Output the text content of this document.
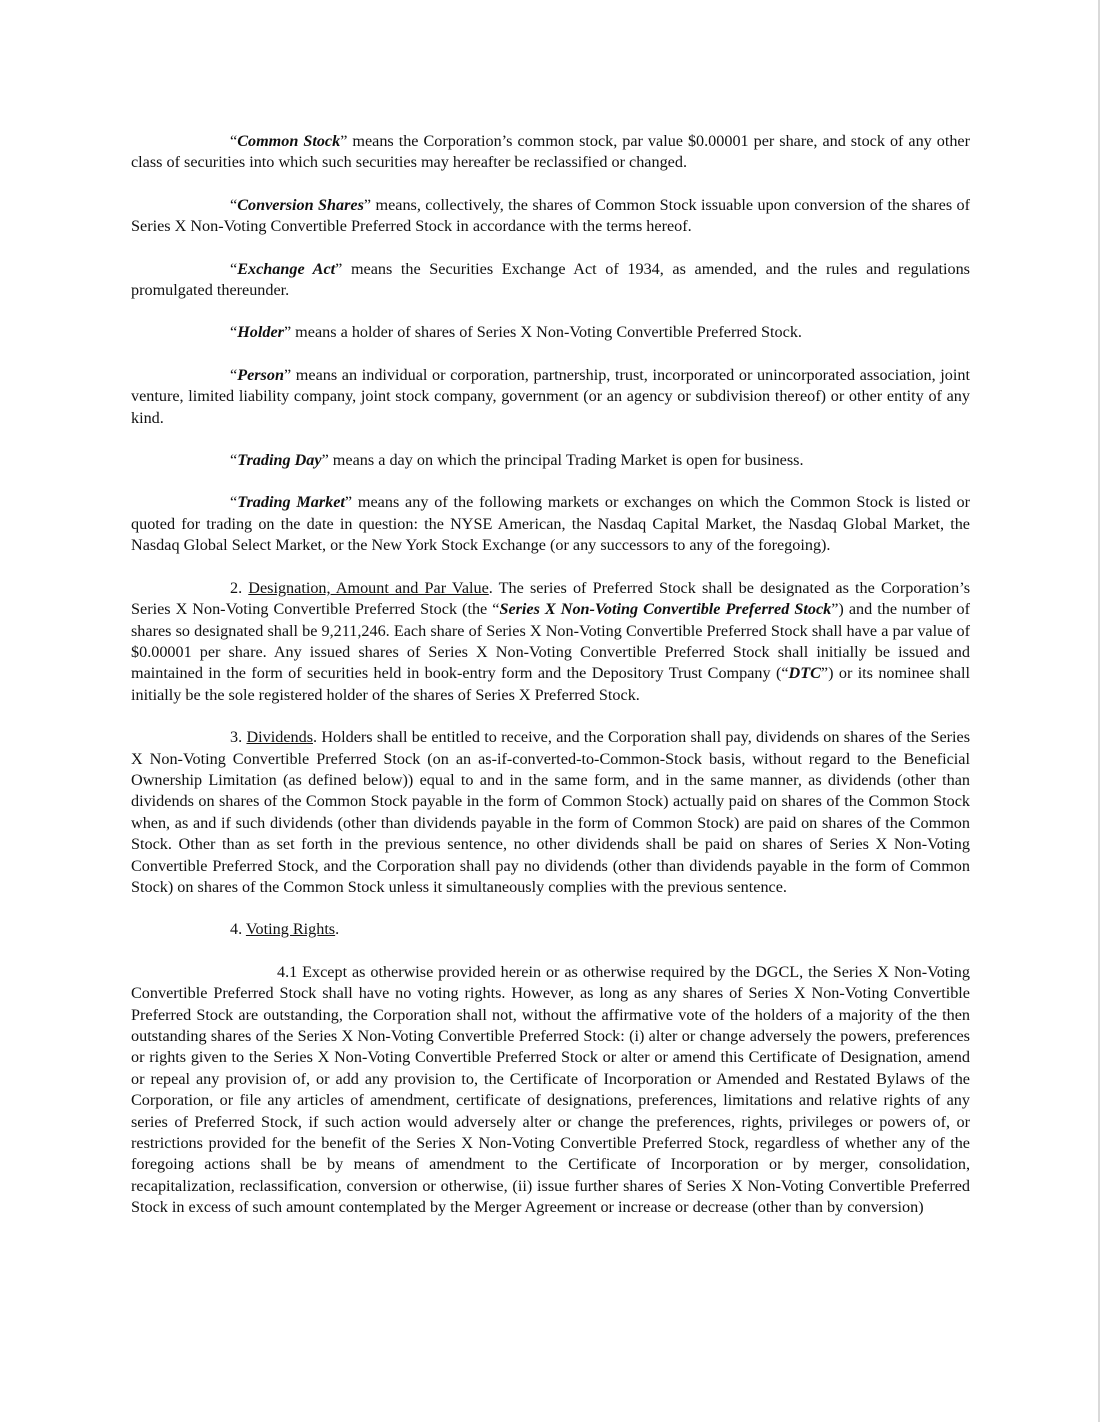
“Common Stock” means the Corporation’s common stock, par value $0.00001 per share, and stock of any other class of securities into which such securities may hereafter be reclassified or changed.

“Conversion Shares” means, collectively, the shares of Common Stock issuable upon conversion of the shares of Series X Non-Voting Convertible Preferred Stock in accordance with the terms hereof.

“Exchange Act” means the Securities Exchange Act of 1934, as amended, and the rules and regulations promulgated thereunder.

“Holder” means a holder of shares of Series X Non-Voting Convertible Preferred Stock.

“Person” means an individual or corporation, partnership, trust, incorporated or unincorporated association, joint venture, limited liability company, joint stock company, government (or an agency or subdivision thereof) or other entity of any kind.

“Trading Day” means a day on which the principal Trading Market is open for business.

“Trading Market” means any of the following markets or exchanges on which the Common Stock is listed or quoted for trading on the date in question: the NYSE American, the Nasdaq Capital Market, the Nasdaq Global Market, the Nasdaq Global Select Market, or the New York Stock Exchange (or any successors to any of the foregoing).

2. Designation, Amount and Par Value. The series of Preferred Stock shall be designated as the Corporation’s Series X Non-Voting Convertible Preferred Stock (the “Series X Non-Voting Convertible Preferred Stock”) and the number of shares so designated shall be 9,211,246. Each share of Series X Non-Voting Convertible Preferred Stock shall have a par value of $0.00001 per share. Any issued shares of Series X Non-Voting Convertible Preferred Stock shall initially be issued and maintained in the form of securities held in book-entry form and the Depository Trust Company (“DTC”) or its nominee shall initially be the sole registered holder of the shares of Series X Preferred Stock.

3. Dividends. Holders shall be entitled to receive, and the Corporation shall pay, dividends on shares of the Series X Non-Voting Convertible Preferred Stock (on an as-if-converted-to-Common-Stock basis, without regard to the Beneficial Ownership Limitation (as defined below)) equal to and in the same form, and in the same manner, as dividends (other than dividends on shares of the Common Stock payable in the form of Common Stock) actually paid on shares of the Common Stock when, as and if such dividends (other than dividends payable in the form of Common Stock) are paid on shares of the Common Stock. Other than as set forth in the previous sentence, no other dividends shall be paid on shares of Series X Non-Voting Convertible Preferred Stock, and the Corporation shall pay no dividends (other than dividends payable in the form of Common Stock) on shares of the Common Stock unless it simultaneously complies with the previous sentence.

4. Voting Rights.

4.1 Except as otherwise provided herein or as otherwise required by the DGCL, the Series X Non-Voting Convertible Preferred Stock shall have no voting rights. However, as long as any shares of Series X Non-Voting Convertible Preferred Stock are outstanding, the Corporation shall not, without the affirmative vote of the holders of a majority of the then outstanding shares of the Series X Non-Voting Convertible Preferred Stock: (i) alter or change adversely the powers, preferences or rights given to the Series X Non-Voting Convertible Preferred Stock or alter or amend this Certificate of Designation, amend or repeal any provision of, or add any provision to, the Certificate of Incorporation or Amended and Restated Bylaws of the Corporation, or file any articles of amendment, certificate of designations, preferences, limitations and relative rights of any series of Preferred Stock, if such action would adversely alter or change the preferences, rights, privileges or powers of, or restrictions provided for the benefit of the Series X Non-Voting Convertible Preferred Stock, regardless of whether any of the foregoing actions shall be by means of amendment to the Certificate of Incorporation or by merger, consolidation, recapitalization, reclassification, conversion or otherwise, (ii) issue further shares of Series X Non-Voting Convertible Preferred Stock in excess of such amount contemplated by the Merger Agreement or increase or decrease (other than by conversion)
